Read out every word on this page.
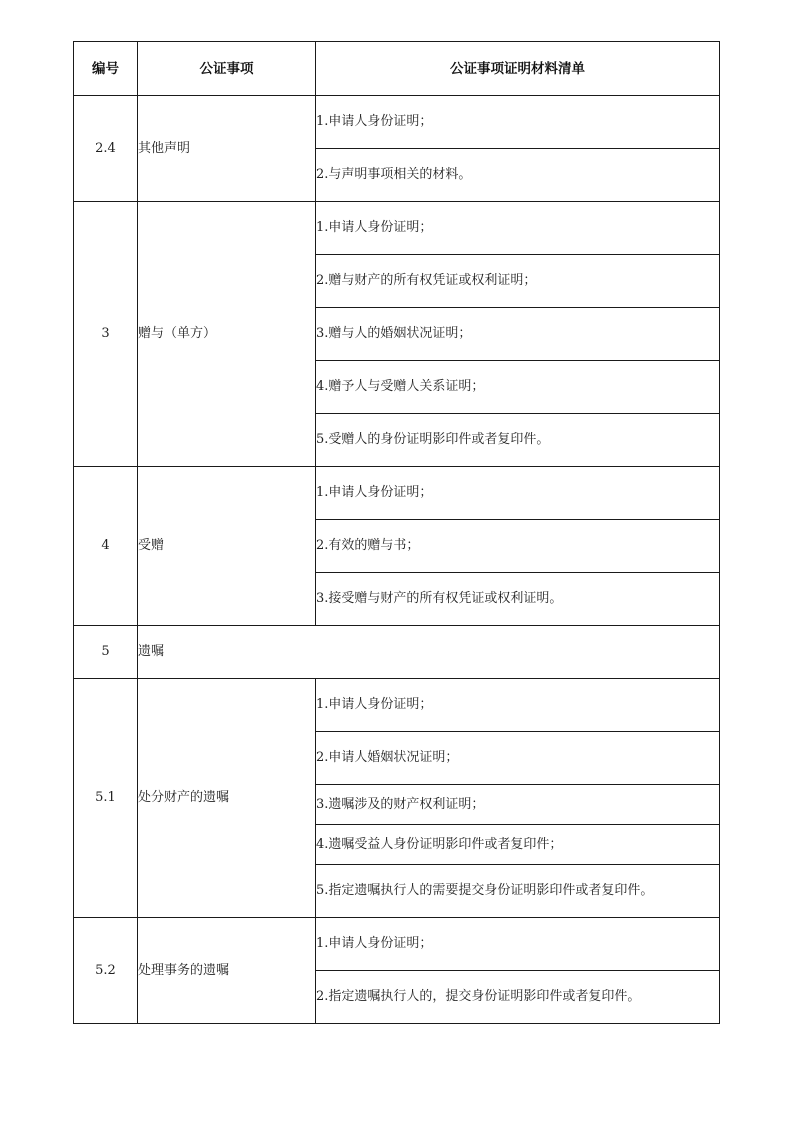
编号	公证事项	公证事项证明材料清单
2.4	其他声明	1.申请人身份证明；
		2.与声明事项相关的材料。
3	赠与（单方）	1.申请人身份证明；
		2.赠与财产的所有权凭证或权利证明；
		3.赠与人的婚姻状况证明；
		4.赠予人与受赠人关系证明；
		5.受赠人的身份证明影印件或者复印件。
4	受赠	1.申请人身份证明；
		2.有效的赠与书；
		3.接受赠与财产的所有权凭证或权利证明。
5	遗嘱	
5.1	处分财产的遗嘱	1.申请人身份证明；
		2.申请人婚姻状况证明；
		3.遗嘱涉及的财产权利证明；
		4.遗嘱受益人身份证明影印件或者复印件；
		5.指定遗嘱执行人的需要提交身份证明影印件或者复印件。
5.2	处理事务的遗嘱	1.申请人身份证明；
		2.指定遗嘱执行人的，提交身份证明影印件或者复印件。
